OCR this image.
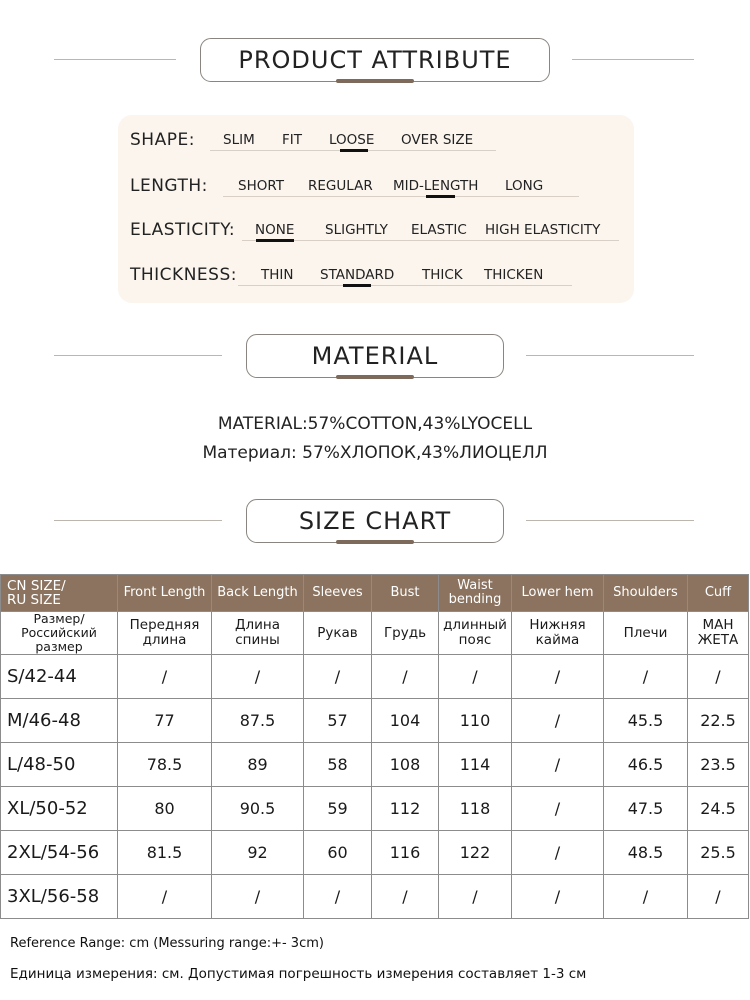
PRODUCT ATTRIBUTE
SHAPE: SLIM FIT LOOSE OVER SIZE
LENGTH: SHORT REGULAR MID-LENGTH LONG
ELASTICITY: NONE SLIGHTLY ELASTIC HIGH ELASTICITY
THICKNESS: THIN STANDARD THICK THICKEN
MATERIAL
MATERIAL:57%COTTON,43%LYOCELL
Материал: 57%ХЛОПОК,43%ЛИОЦЕЛЛ
SIZE CHART
CN SIZE/
RU SIZE	Front Length	Back Length	Sleeves	Bust	Waist
bending	Lower hem	Shoulders	Cuff
Размер/
Российский
размер	Передняя
длина	Длина
спины	Рукав	Грудь	длинный
пояс	Нижняя
кайма	Плечи	МАН
ЖЕТА
S/42-44	/	/	/	/	/	/	/	/
M/46-48	77	87.5	57	104	110	/	45.5	22.5
L/48-50	78.5	89	58	108	114	/	46.5	23.5
XL/50-52	80	90.5	59	112	118	/	47.5	24.5
2XL/54-56	81.5	92	60	116	122	/	48.5	25.5
3XL/56-58	/	/	/	/	/	/	/	/
Reference Range: cm (Messuring range:+- 3cm)
Единица измерения: см. Допустимая погрешность измерения составляет 1-3 см
